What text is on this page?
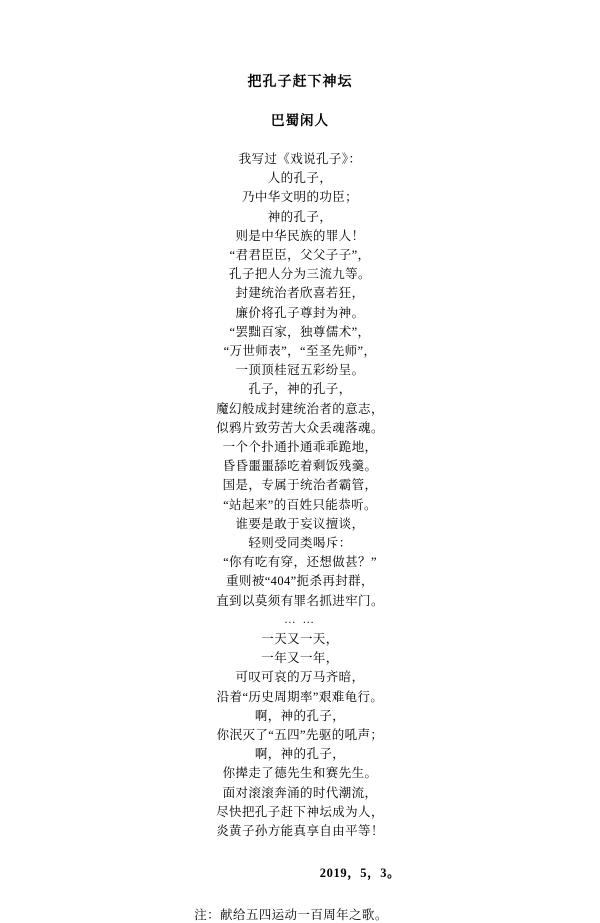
把孔子赶下神坛
巴蜀闲人
我写过《戏说孔子》：
人的孔子，
乃中华文明的功臣；
神的孔子，
则是中华民族的罪人！
“君君臣臣，父父子子”，
孔子把人分为三流九等。
封建统治者欣喜若狂，
廉价将孔子尊封为神。
“罢黜百家，独尊儒术”，
“万世师表”，“至圣先师”，
一顶顶桂冠五彩纷呈。
孔子，神的孔子，
魔幻般成封建统治者的意志，
似鸦片致劳苦大众丢魂落魂。
一个个扑通扑通乖乖跪地，
昏昏噩噩舔吃着剩饭残羹。
国是，专属于统治者霸管，
“站起来”的百姓只能恭听。
谁要是敢于妄议擅谈，
轻则受同类喝斥：
“你有吃有穿，还想做甚？”
重则被“404”扼杀再封群，
直到以莫须有罪名抓进牢门。
… …
一天又一天，
一年又一年，
可叹可哀的万马齐暗，
沿着“历史周期率”艰难龟行。
啊，神的孔子，
你泯灭了“五四”先驱的吼声；
啊，神的孔子，
你撵走了德先生和赛先生。
面对滚滚奔涌的时代潮流，
尽快把孔子赶下神坛成为人，
炎黄子孙方能真享自由平等！
2019，5，3。
注：献给五四运动一百周年之歌。
